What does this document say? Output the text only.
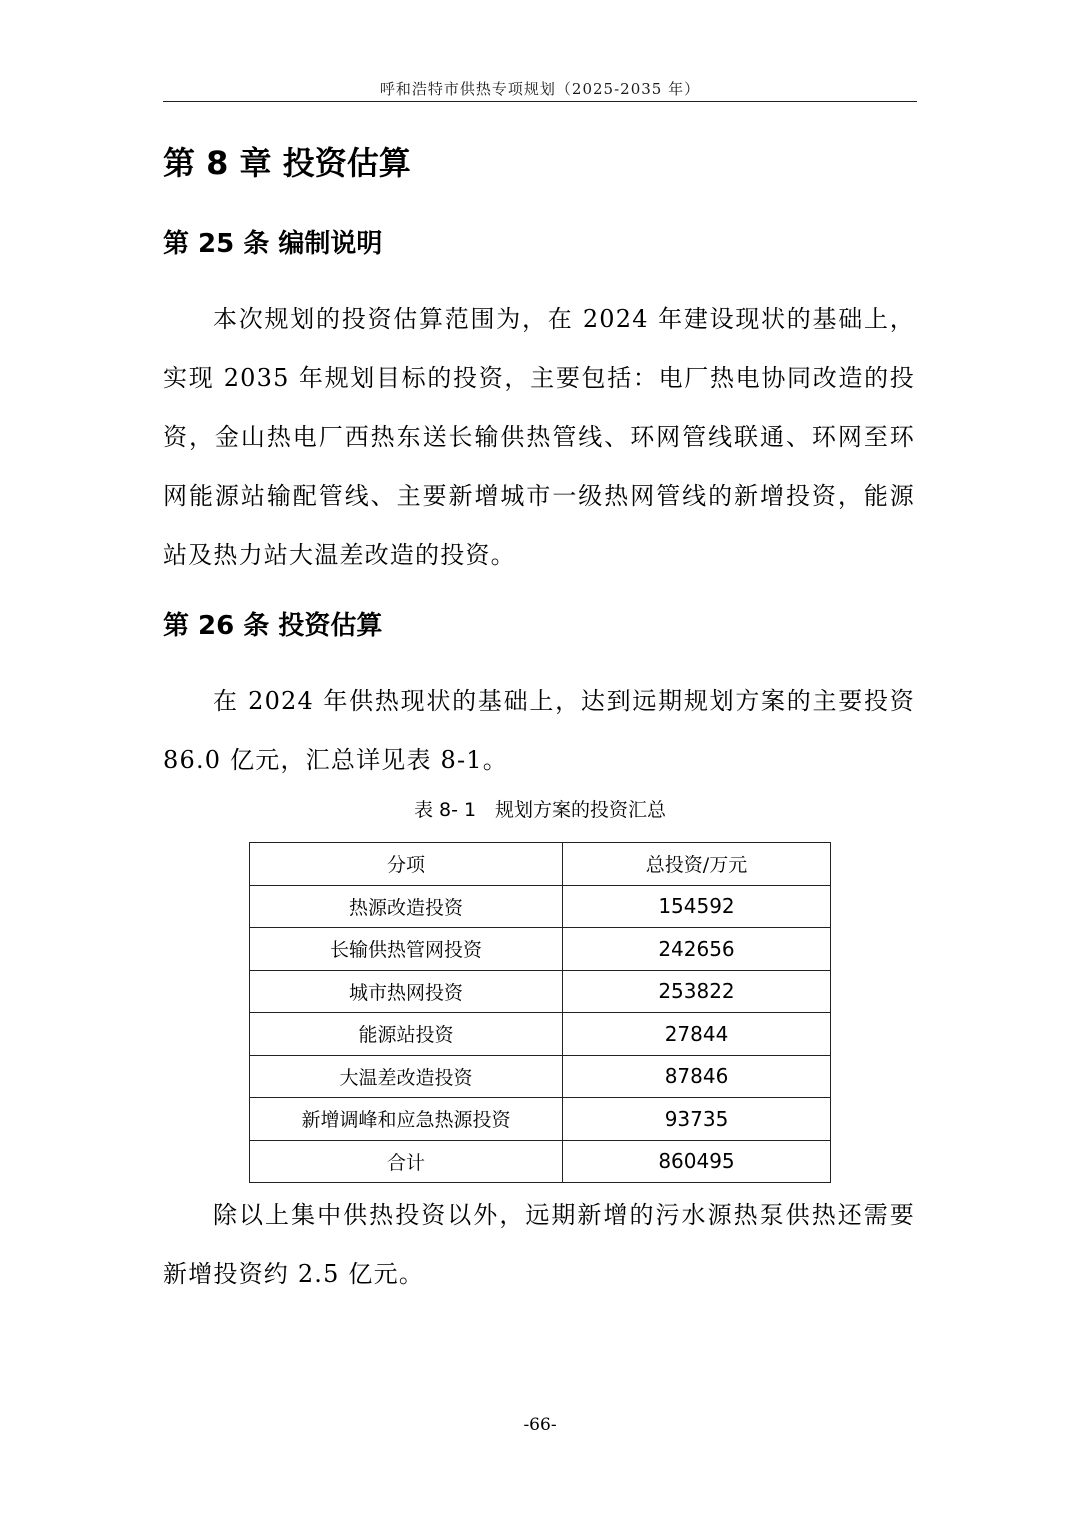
呼和浩特市供热专项规划（2025-2035 年）
第 8 章 投资估算
第 25 条 编制说明

本次规划的投资估算范围为，在 2024 年建设现状的基础上，实现 2035 年规划目标的投资，主要包括：电厂热电协同改造的投资，金山热电厂西热东送长输供热管线、环网管线联通、环网至环网能源站输配管线、主要新增城市一级热网管线的新增投资，能源站及热力站大温差改造的投资。

第 26 条 投资估算

在 2024 年供热现状的基础上，达到远期规划方案的主要投资 86.0 亿元，汇总详见表 8-1。

表 8- 1　规划方案的投资汇总
分项	总投资/万元
热源改造投资	154592
长输供热管网投资	242656
城市热网投资	253822
能源站投资	27844
大温差改造投资	87846
新增调峰和应急热源投资	93735
合计	860495

除以上集中供热投资以外，远期新增的污水源热泵供热还需要新增投资约 2.5 亿元。

-66-
